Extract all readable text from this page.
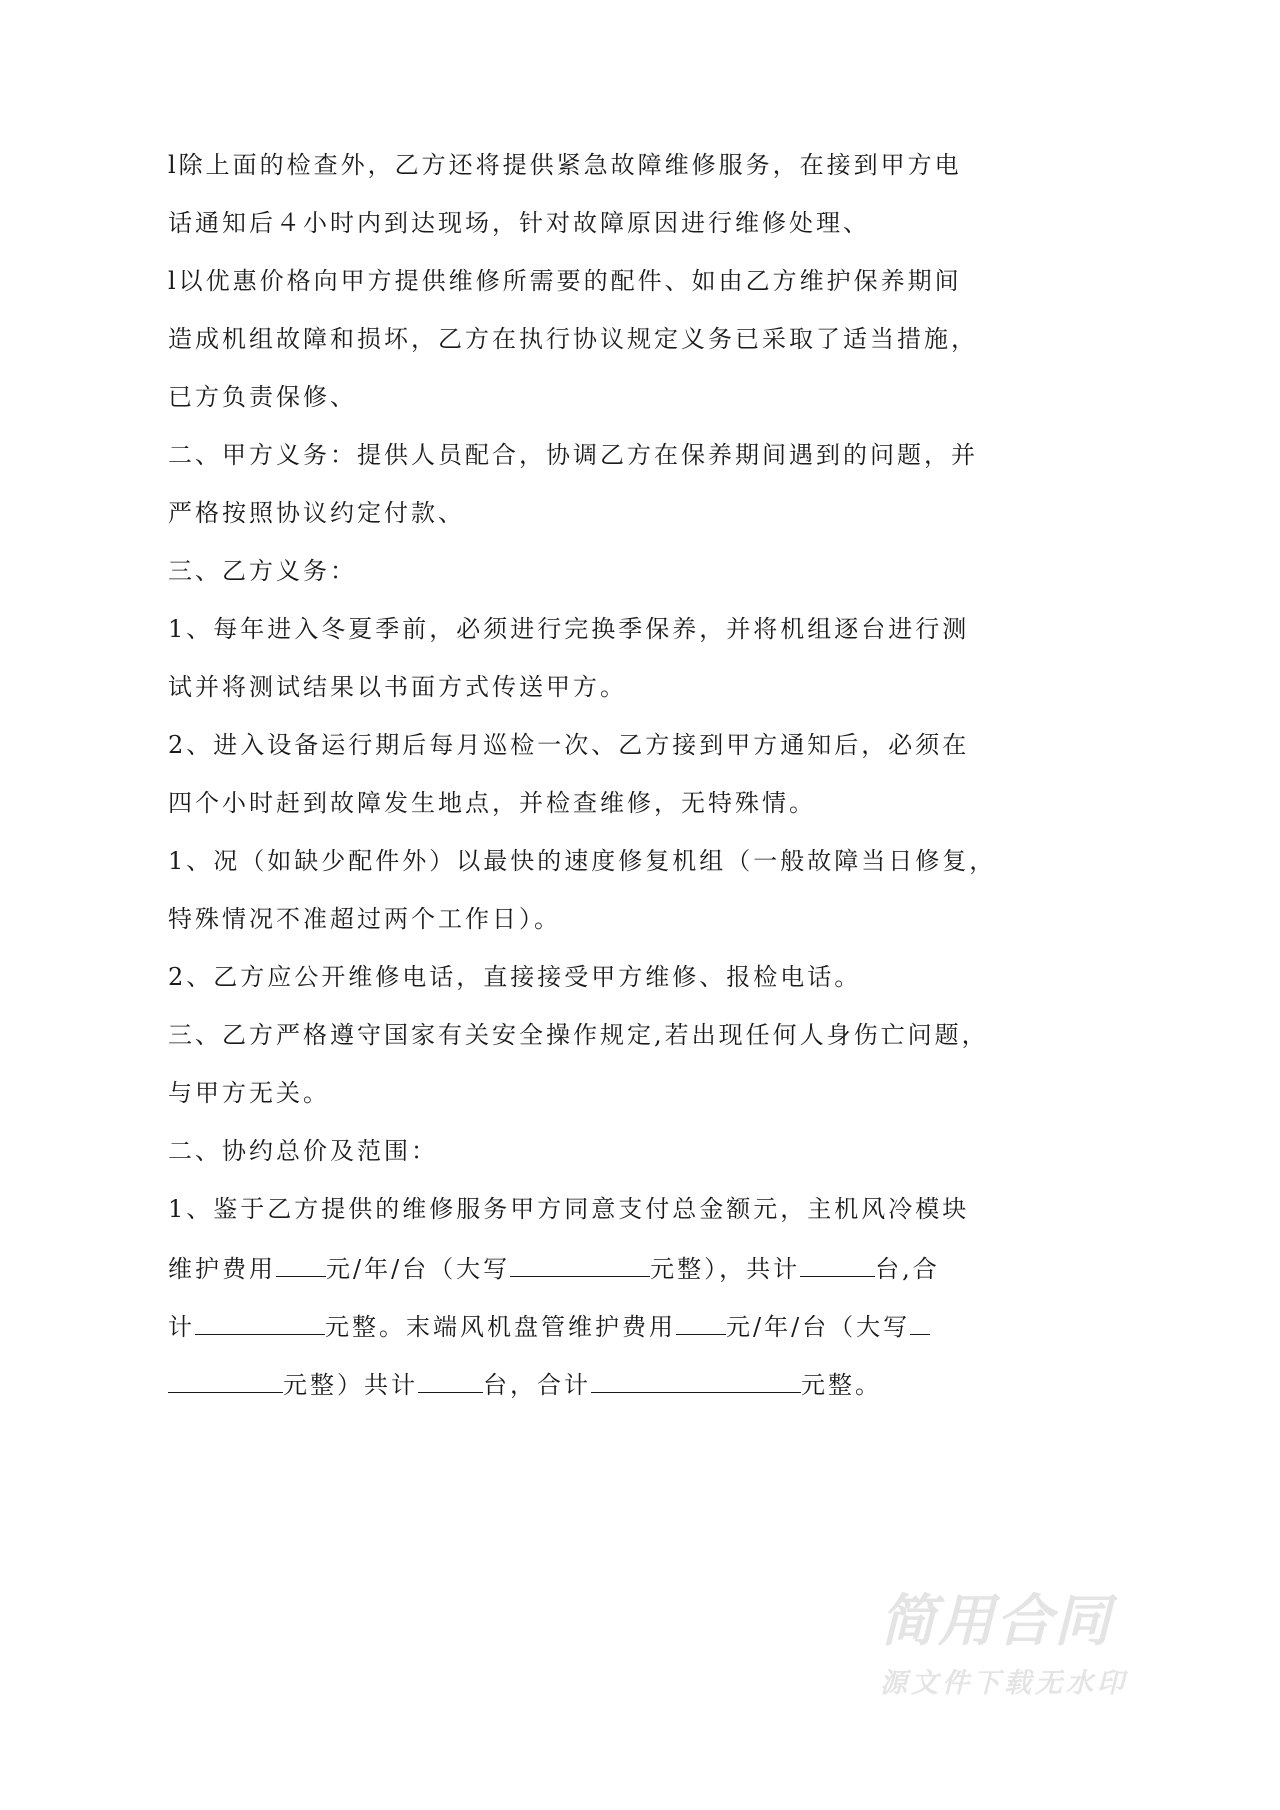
l除上面的检查外，乙方还将提供紧急故障维修服务，在接到甲方电
话通知后４小时内到达现场，针对故障原因进行维修处理、
l以优惠价格向甲方提供维修所需要的配件、如由乙方维护保养期间
造成机组故障和损坏，乙方在执行协议规定义务已采取了适当措施，
已方负责保修、
二、甲方义务：提供人员配合，协调乙方在保养期间遇到的问题，并
严格按照协议约定付款、
三、乙方义务：
1、每年进入冬夏季前，必须进行完换季保养，并将机组逐台进行测
试并将测试结果以书面方式传送甲方。
2、进入设备运行期后每月巡检一次、乙方接到甲方通知后，必须在
四个小时赶到故障发生地点，并检查维修，无特殊情。
1、况（如缺少配件外）以最快的速度修复机组（一般故障当日修复，
特殊情况不准超过两个工作日）。
2、乙方应公开维修电话，直接接受甲方维修、报检电话。
三、乙方严格遵守国家有关安全操作规定,若出现任何人身伤亡问题，
与甲方无关。
二、协约总价及范围：
1、鉴于乙方提供的维修服务甲方同意支付总金额元，主机风冷模块
维护费用 元/年/台（大写	元整），共计	台,合
计	元整。末端风机盘管维护费用 元/年/台（大写
元整）共计	台，合计	元整。
简用合同
源文件下载无水印
